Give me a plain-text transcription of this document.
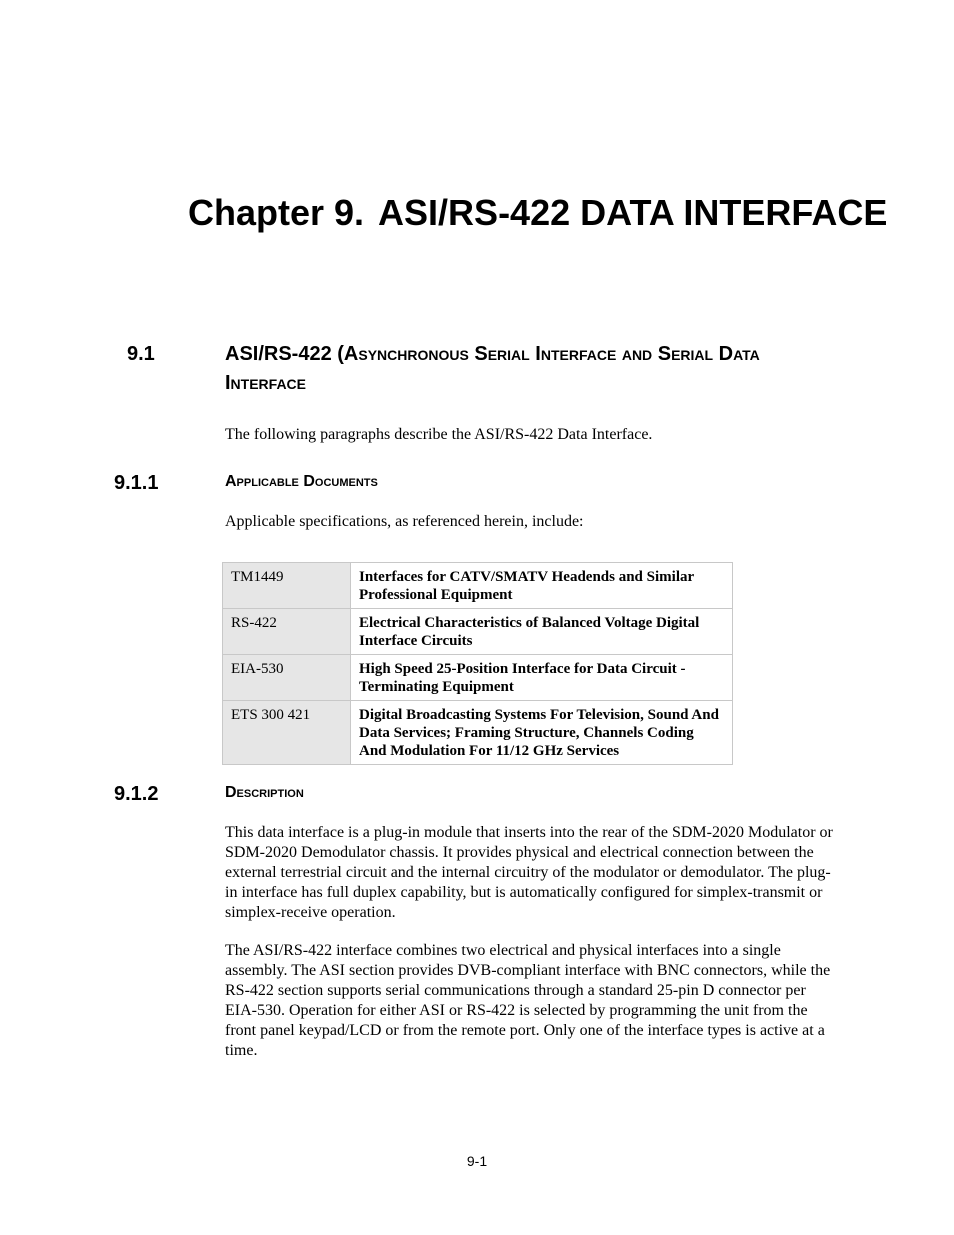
Chapter 9. ASI/RS-422 DATA INTERFACE
9.1	ASI/RS-422 (Asynchronous Serial Interface and Serial Data Interface

The following paragraphs describe the ASI/RS-422 Data Interface.

9.1.1	Applicable Documents

Applicable specifications, as referenced herein, include:

TM1449	Interfaces for CATV/SMATV Headends and Similar Professional Equipment
RS-422	Electrical Characteristics of Balanced Voltage Digital Interface Circuits
EIA-530	High Speed 25-Position Interface for Data Circuit - Terminating Equipment
ETS 300 421	Digital Broadcasting Systems For Television, Sound And Data Services; Framing Structure, Channels Coding And Modulation For 11/12 GHz Services
9.1.2	Description

This data interface is a plug-in module that inserts into the rear of the SDM-2020 Modulator or SDM-2020 Demodulator chassis. It provides physical and electrical connection between the external terrestrial circuit and the internal circuitry of the modulator or demodulator. The plug-in interface has full duplex capability, but is automatically configured for simplex-transmit or simplex-receive operation.

The ASI/RS-422 interface combines two electrical and physical interfaces into a single assembly. The ASI section provides DVB-compliant interface with BNC connectors, while the RS-422 section supports serial communications through a standard 25-pin D connector per EIA-530. Operation for either ASI or RS-422 is selected by programming the unit from the front panel keypad/LCD or from the remote port. Only one of the interface types is active at a time.

9-1
